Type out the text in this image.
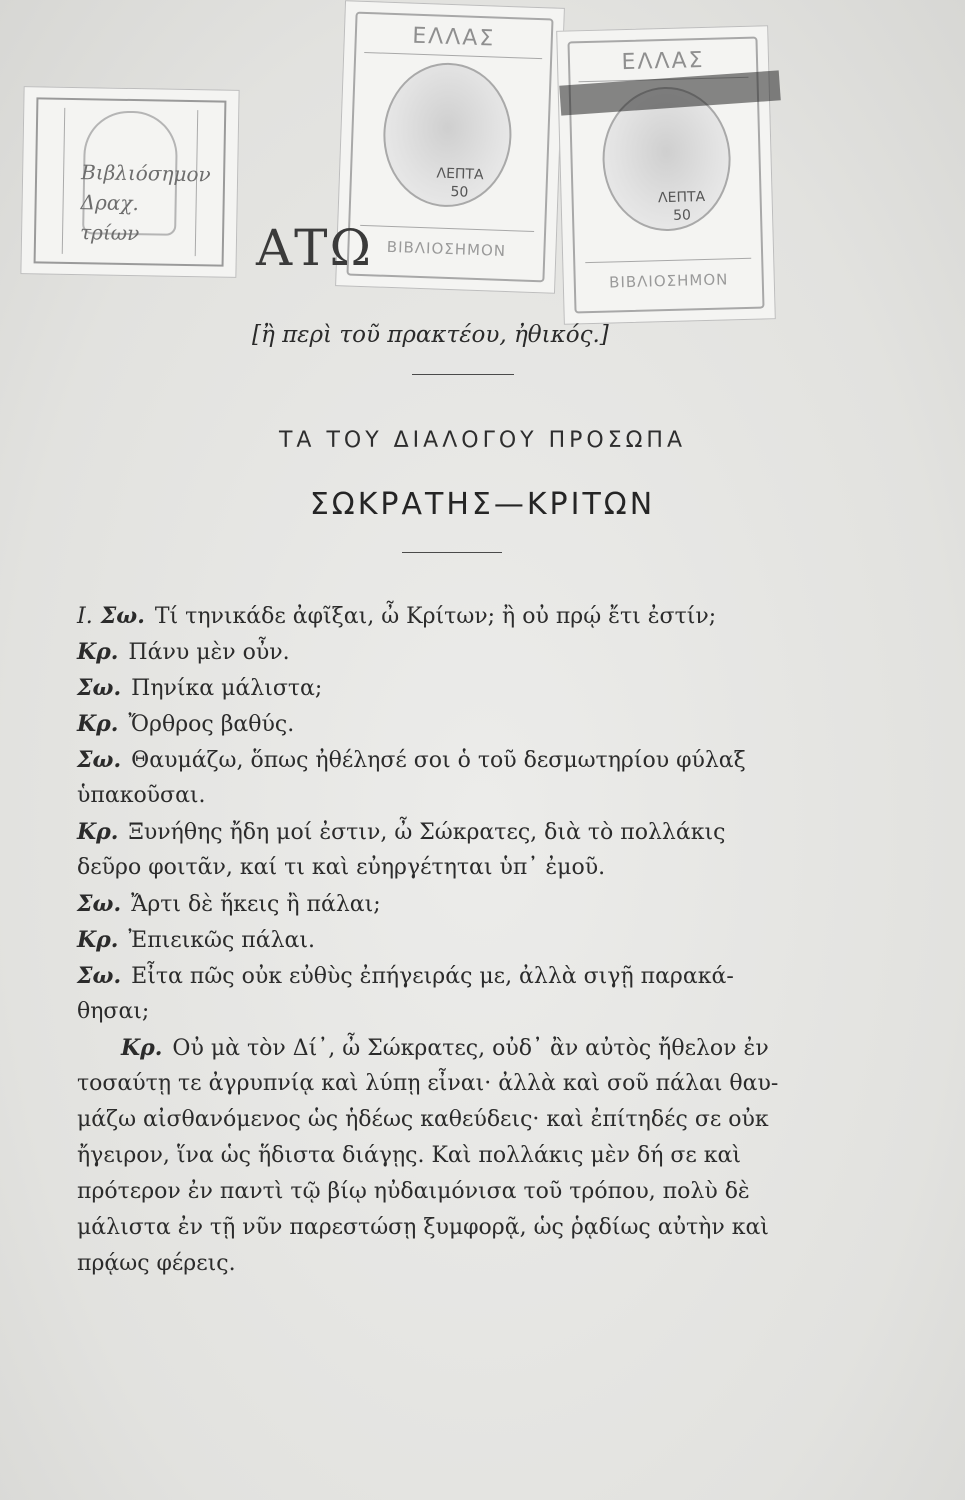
Βιβλιόσημον
Δραχ.
τρίων
ΕΛΛΑΣ
ΛΕΠΤΑ
50
ΒΙΒΛΙΟΣΗΜΟΝ
ΕΛΛΑΣ
ΛΕΠΤΑ
50
ΒΙΒΛΙΟΣΗΜΟΝ
ΑΤΩ
[ἢ περὶ τοῦ πρακτέου, ἠθικός.]
ΤΑ ΤΟΥ ΔΙΑΛΟΓΟΥ ΠΡΟΣΩΠΑ
ΣΩΚΡΑΤΗΣ—ΚΡΙΤΩΝ
I. Σω. Τί τηνικάδε ἀφῖξαι, ὦ Κρίτων; ἢ οὐ πρῴ ἔτι ἐστίν;
Κρ. Πάνυ μὲν οὖν.
Σω. Πηνίκα μάλιστα;
Κρ. Ὄρθρος βαθύς.
Σω. Θαυμάζω, ὅπως ἠθέλησέ σοι ὁ τοῦ δεσμωτηρίου φύλαξ
ὑπακοῦσαι.
Κρ. Ξυνήθης ἤδη μοί ἐστιν, ὦ Σώκρατες, διὰ τὸ πολλάκις
δεῦρο φοιτᾶν, καί τι καὶ εὐηργέτηται ὑπ᾽ ἐμοῦ.
Σω. Ἄρτι δὲ ἥκεις ἢ πάλαι;
Κρ. Ἐπιεικῶς πάλαι.
Σω. Εἶτα πῶς οὐκ εὐθὺς ἐπήγειράς με, ἀλλὰ σιγῇ παρακά-
θησαι;
Κρ. Οὐ μὰ τὸν Δί᾽, ὦ Σώκρατες, οὐδ᾽ ἂν αὐτὸς ἤθελον ἐν
τοσαύτῃ τε ἀγρυπνίᾳ καὶ λύπῃ εἶναι· ἀλλὰ καὶ σοῦ πάλαι θαυ-
μάζω αἰσθανόμενος ὡς ἡδέως καθεύδεις· καὶ ἐπίτηδές σε οὐκ
ἤγειρον, ἵνα ὡς ἥδιστα διάγῃς. Καὶ πολλάκις μὲν δή σε καὶ
πρότερον ἐν παντὶ τῷ βίῳ ηὐδαιμόνισα τοῦ τρόπου, πολὺ δὲ
μάλιστα ἐν τῇ νῦν παρεστώσῃ ξυμφορᾷ, ὡς ῥᾳδίως αὐτὴν καὶ
πρᾴως φέρεις.
